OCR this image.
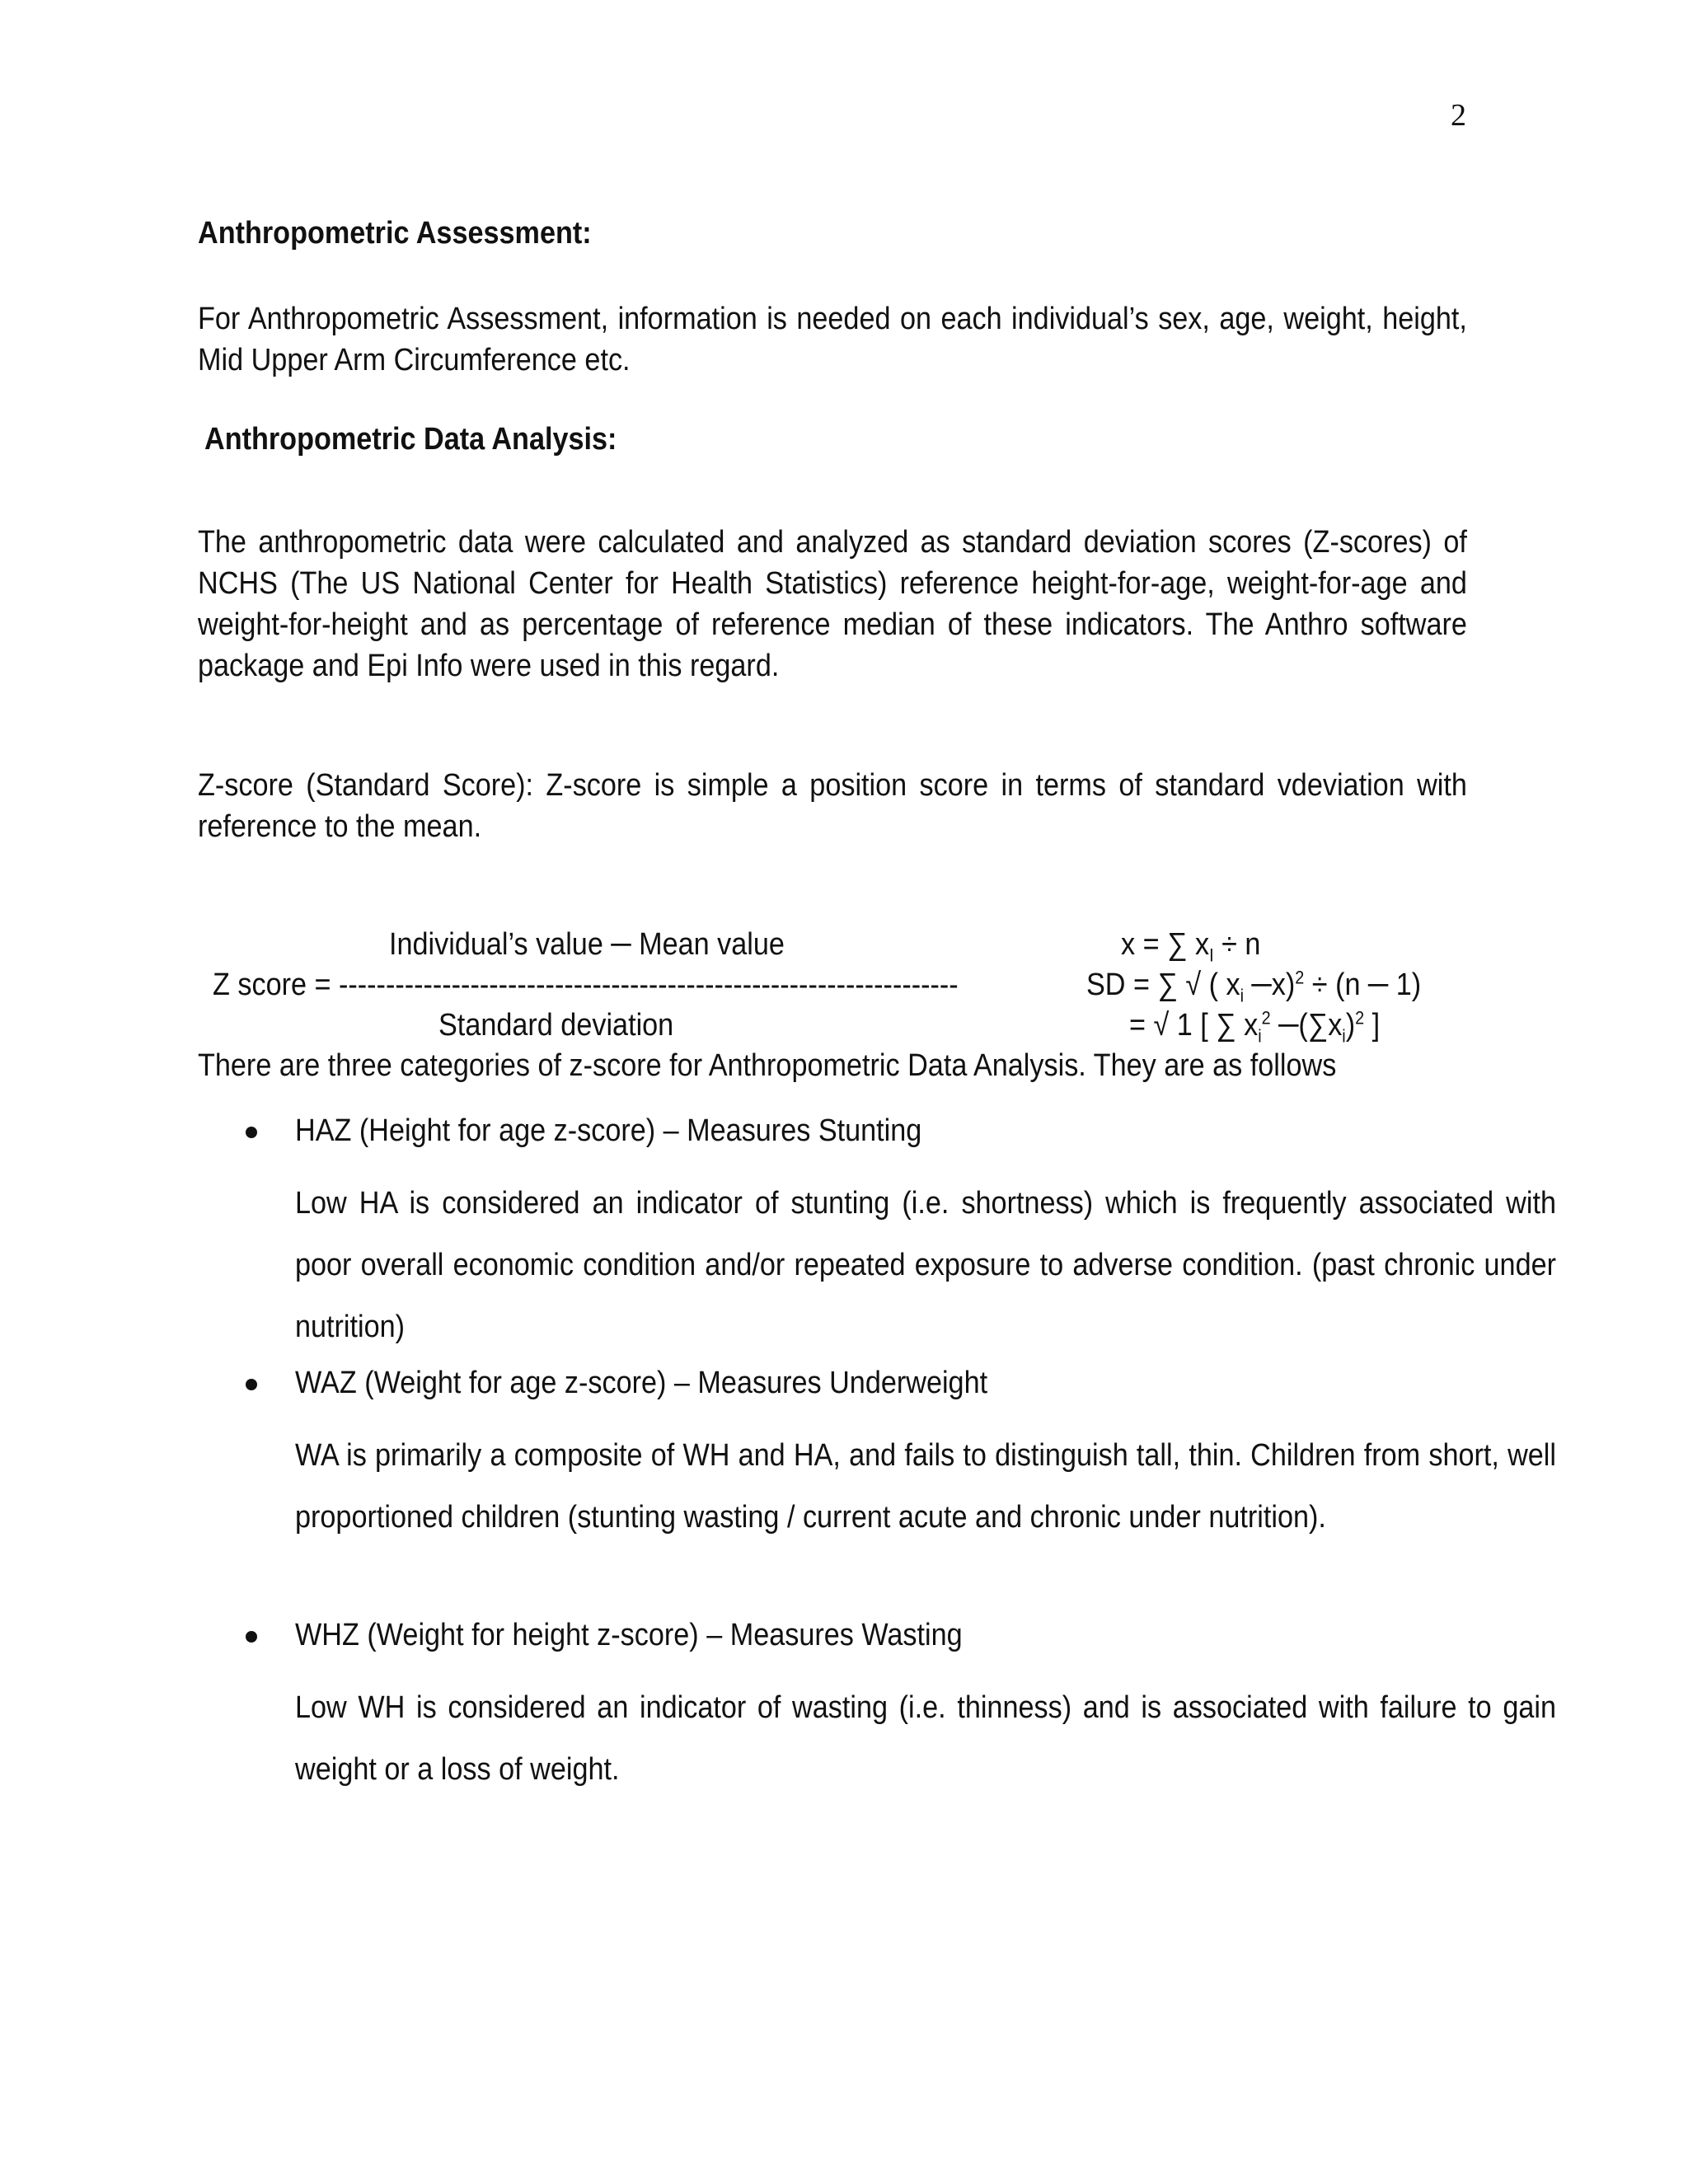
2
Anthropometric Assessment:
For Anthropometric Assessment, information is needed on each individual’s sex, age, weight, height, Mid Upper Arm Circumference etc.
Anthropometric Data Analysis:
The anthropometric data were calculated and analyzed as standard deviation scores (Z-scores) of NCHS (The US National Center for Health Statistics) reference height-for-age, weight-for-age and weight-for-height and as percentage of reference median of these indicators. The Anthro software package and Epi Info were used in this regard.
Z-score (Standard Score): Z-score is simple a position score in terms of standard vdeviation with reference to the mean.
Individual’s value ─ Mean value
Z score = ------------------------------------------------------------------
Standard deviation
x = ∑ $x_I \div n$
SD = ∑ √ ( $x_i$ ─x)$^2$ ÷ (n ─ 1)
= √ 1 [ ∑ $x_i^2$ $─(\sum x_i)^2$ ]
There are three categories of z-score for Anthropometric Data Analysis. They are as follows
HAZ (Height for age z-score) – Measures Stunting
Low HA is considered an indicator of stunting (i.e. shortness) which is frequently associated with poor overall economic condition and/or repeated exposure to adverse condition. (past chronic under nutrition)
WAZ (Weight for age z-score) – Measures Underweight
WA is primarily a composite of WH and HA, and fails to distinguish tall, thin. Children from short, well proportioned children (stunting wasting / current acute and chronic under nutrition).
WHZ (Weight for height z-score) – Measures Wasting
Low WH is considered an indicator of wasting (i.e. thinness) and is associated with failure to gain weight or a loss of weight.
